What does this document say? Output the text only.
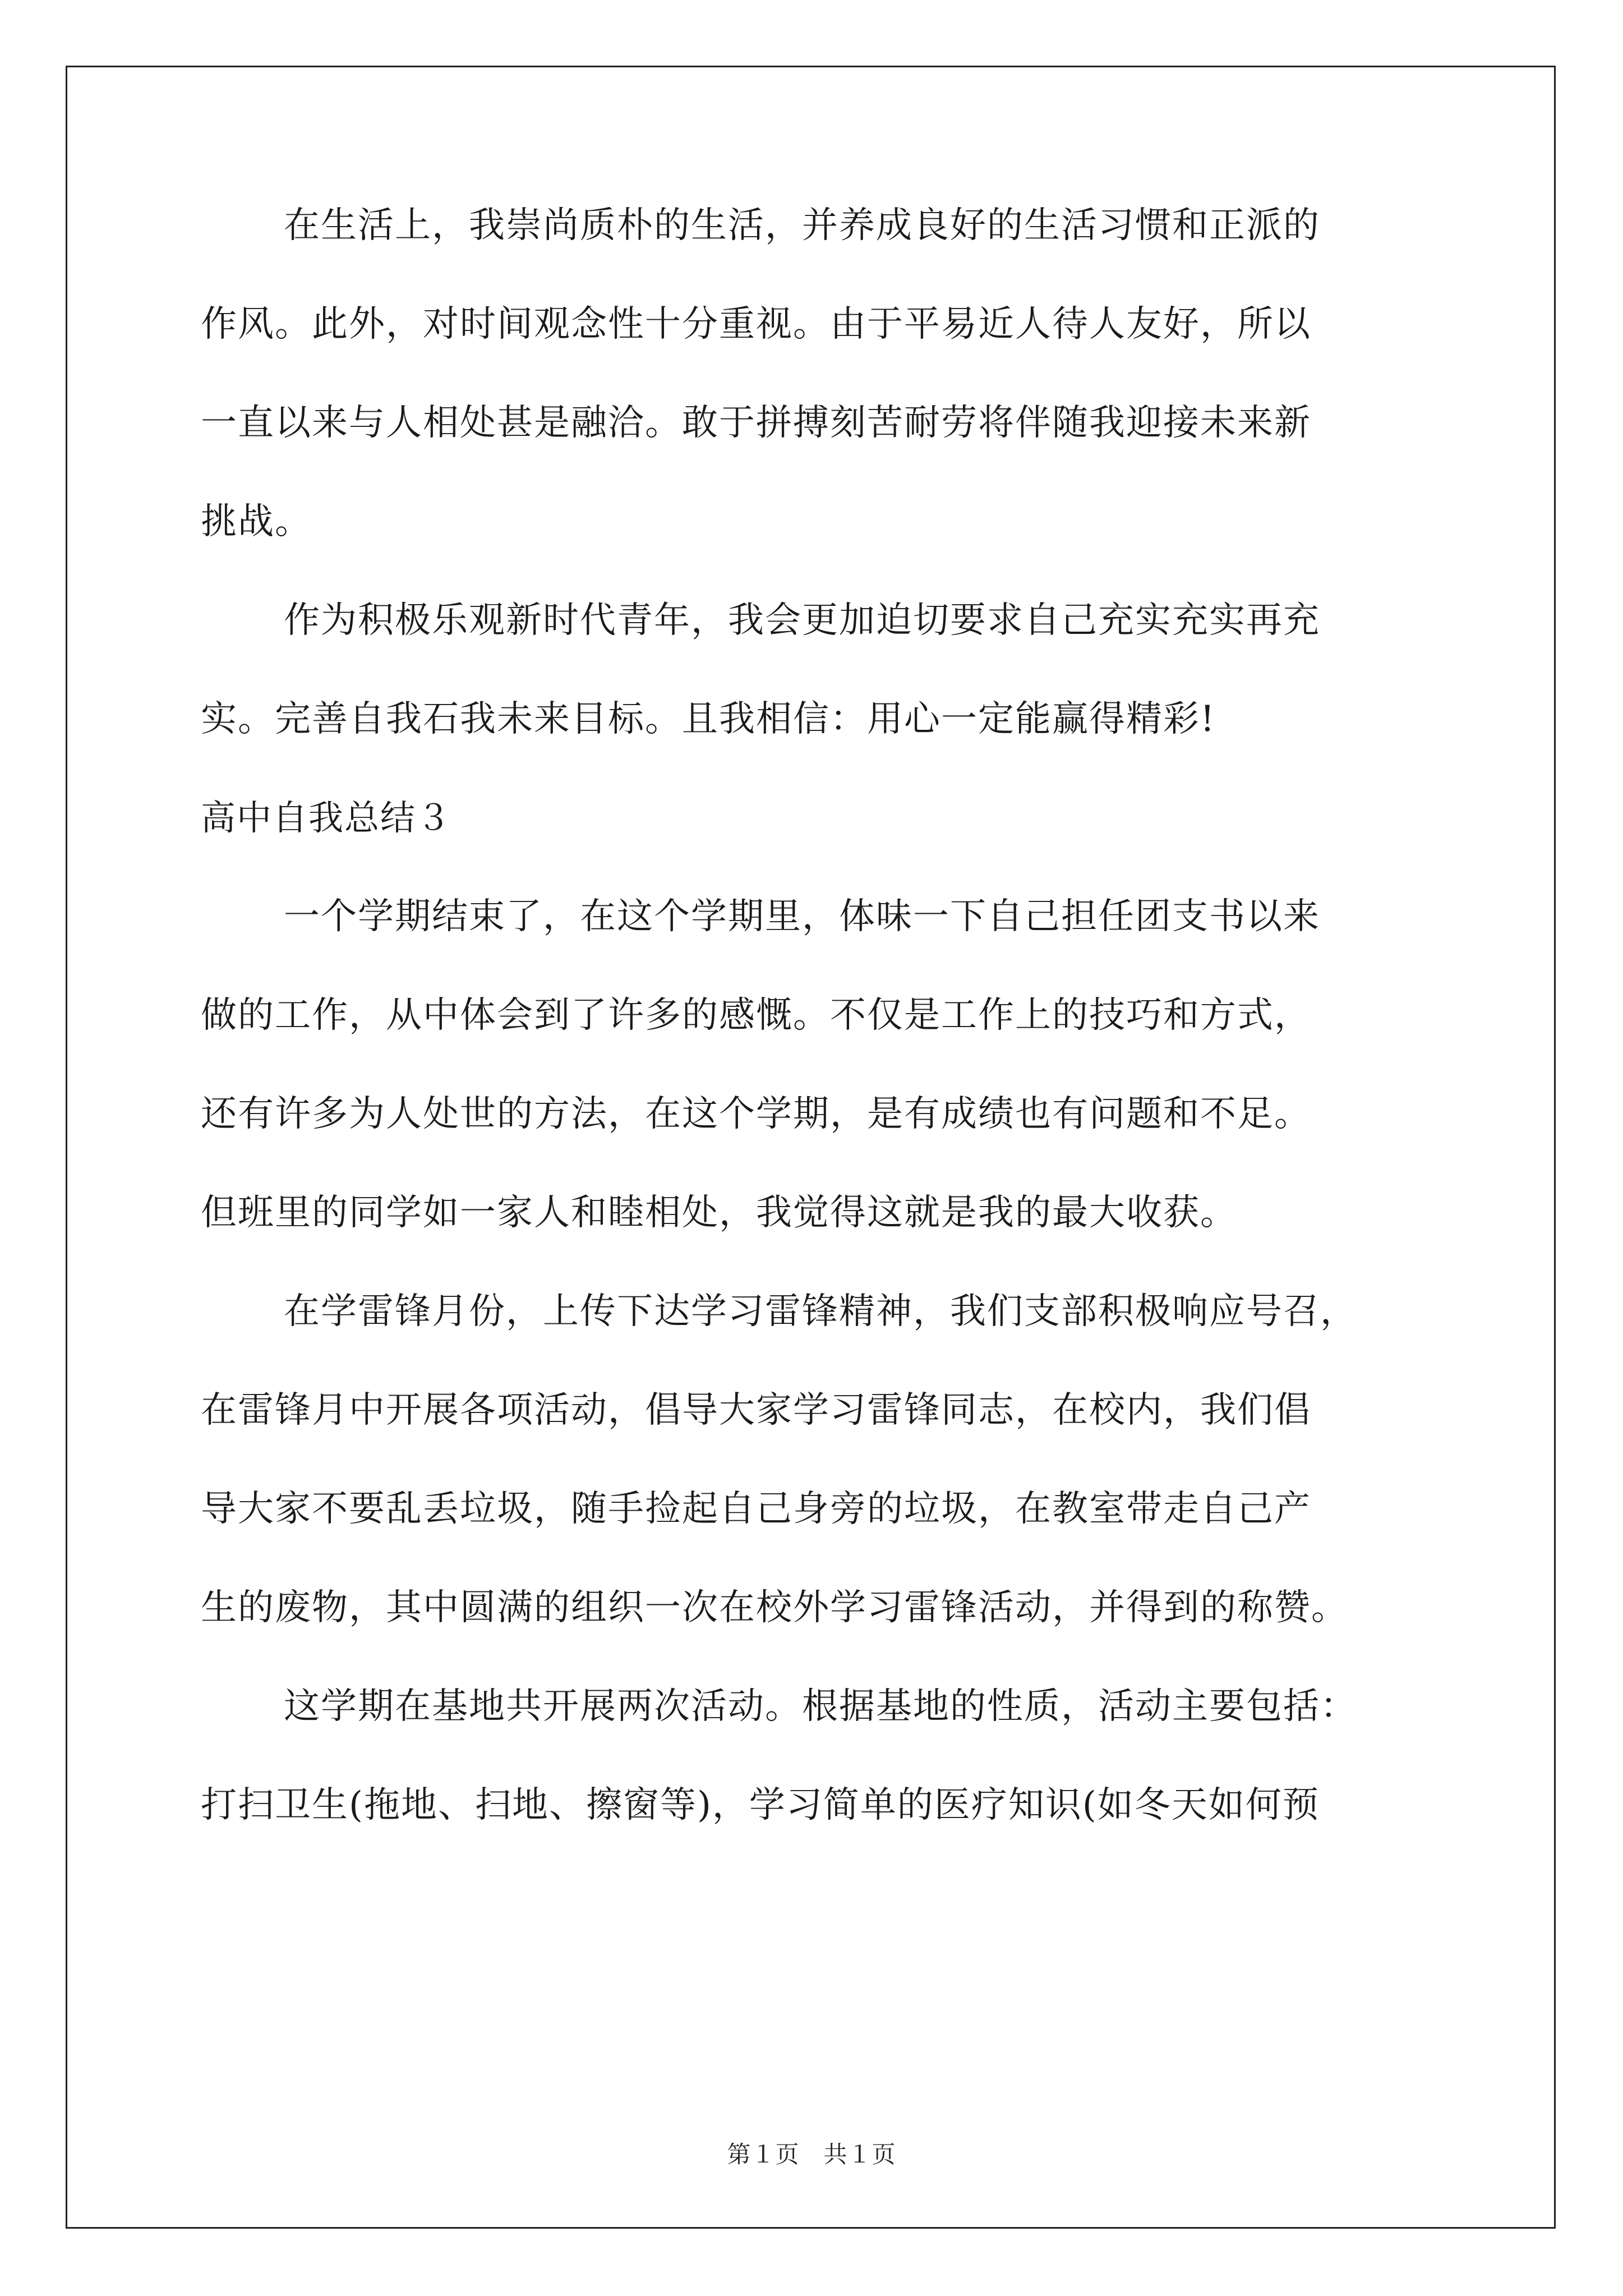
在生活上，我崇尚质朴的生活，并养成良好的生活习惯和正派的
作风。此外，对时间观念性十分重视。由于平易近人待人友好，所以
一直以来与人相处甚是融洽。敢于拼搏刻苦耐劳将伴随我迎接未来新
挑战。
作为积极乐观新时代青年，我会更加迫切要求自己充实充实再充
实。完善自我石我未来目标。且我相信：用心一定能赢得精彩!
高中自我总结３
一个学期结束了，在这个学期里，体味一下自己担任团支书以来
做的工作，从中体会到了许多的感慨。不仅是工作上的技巧和方式，
还有许多为人处世的方法，在这个学期，是有成绩也有问题和不足。
但班里的同学如一家人和睦相处，我觉得这就是我的最大收获。
在学雷锋月份，上传下达学习雷锋精神，我们支部积极响应号召，
在雷锋月中开展各项活动，倡导大家学习雷锋同志，在校内，我们倡
导大家不要乱丢垃圾，随手捡起自己身旁的垃圾，在教室带走自己产
生的废物，其中圆满的组织一次在校外学习雷锋活动，并得到的称赞。
这学期在基地共开展两次活动。根据基地的性质，活动主要包括：
打扫卫生(拖地、扫地、擦窗等)，学习简单的医疗知识(如冬天如何预
第１页　共１页
